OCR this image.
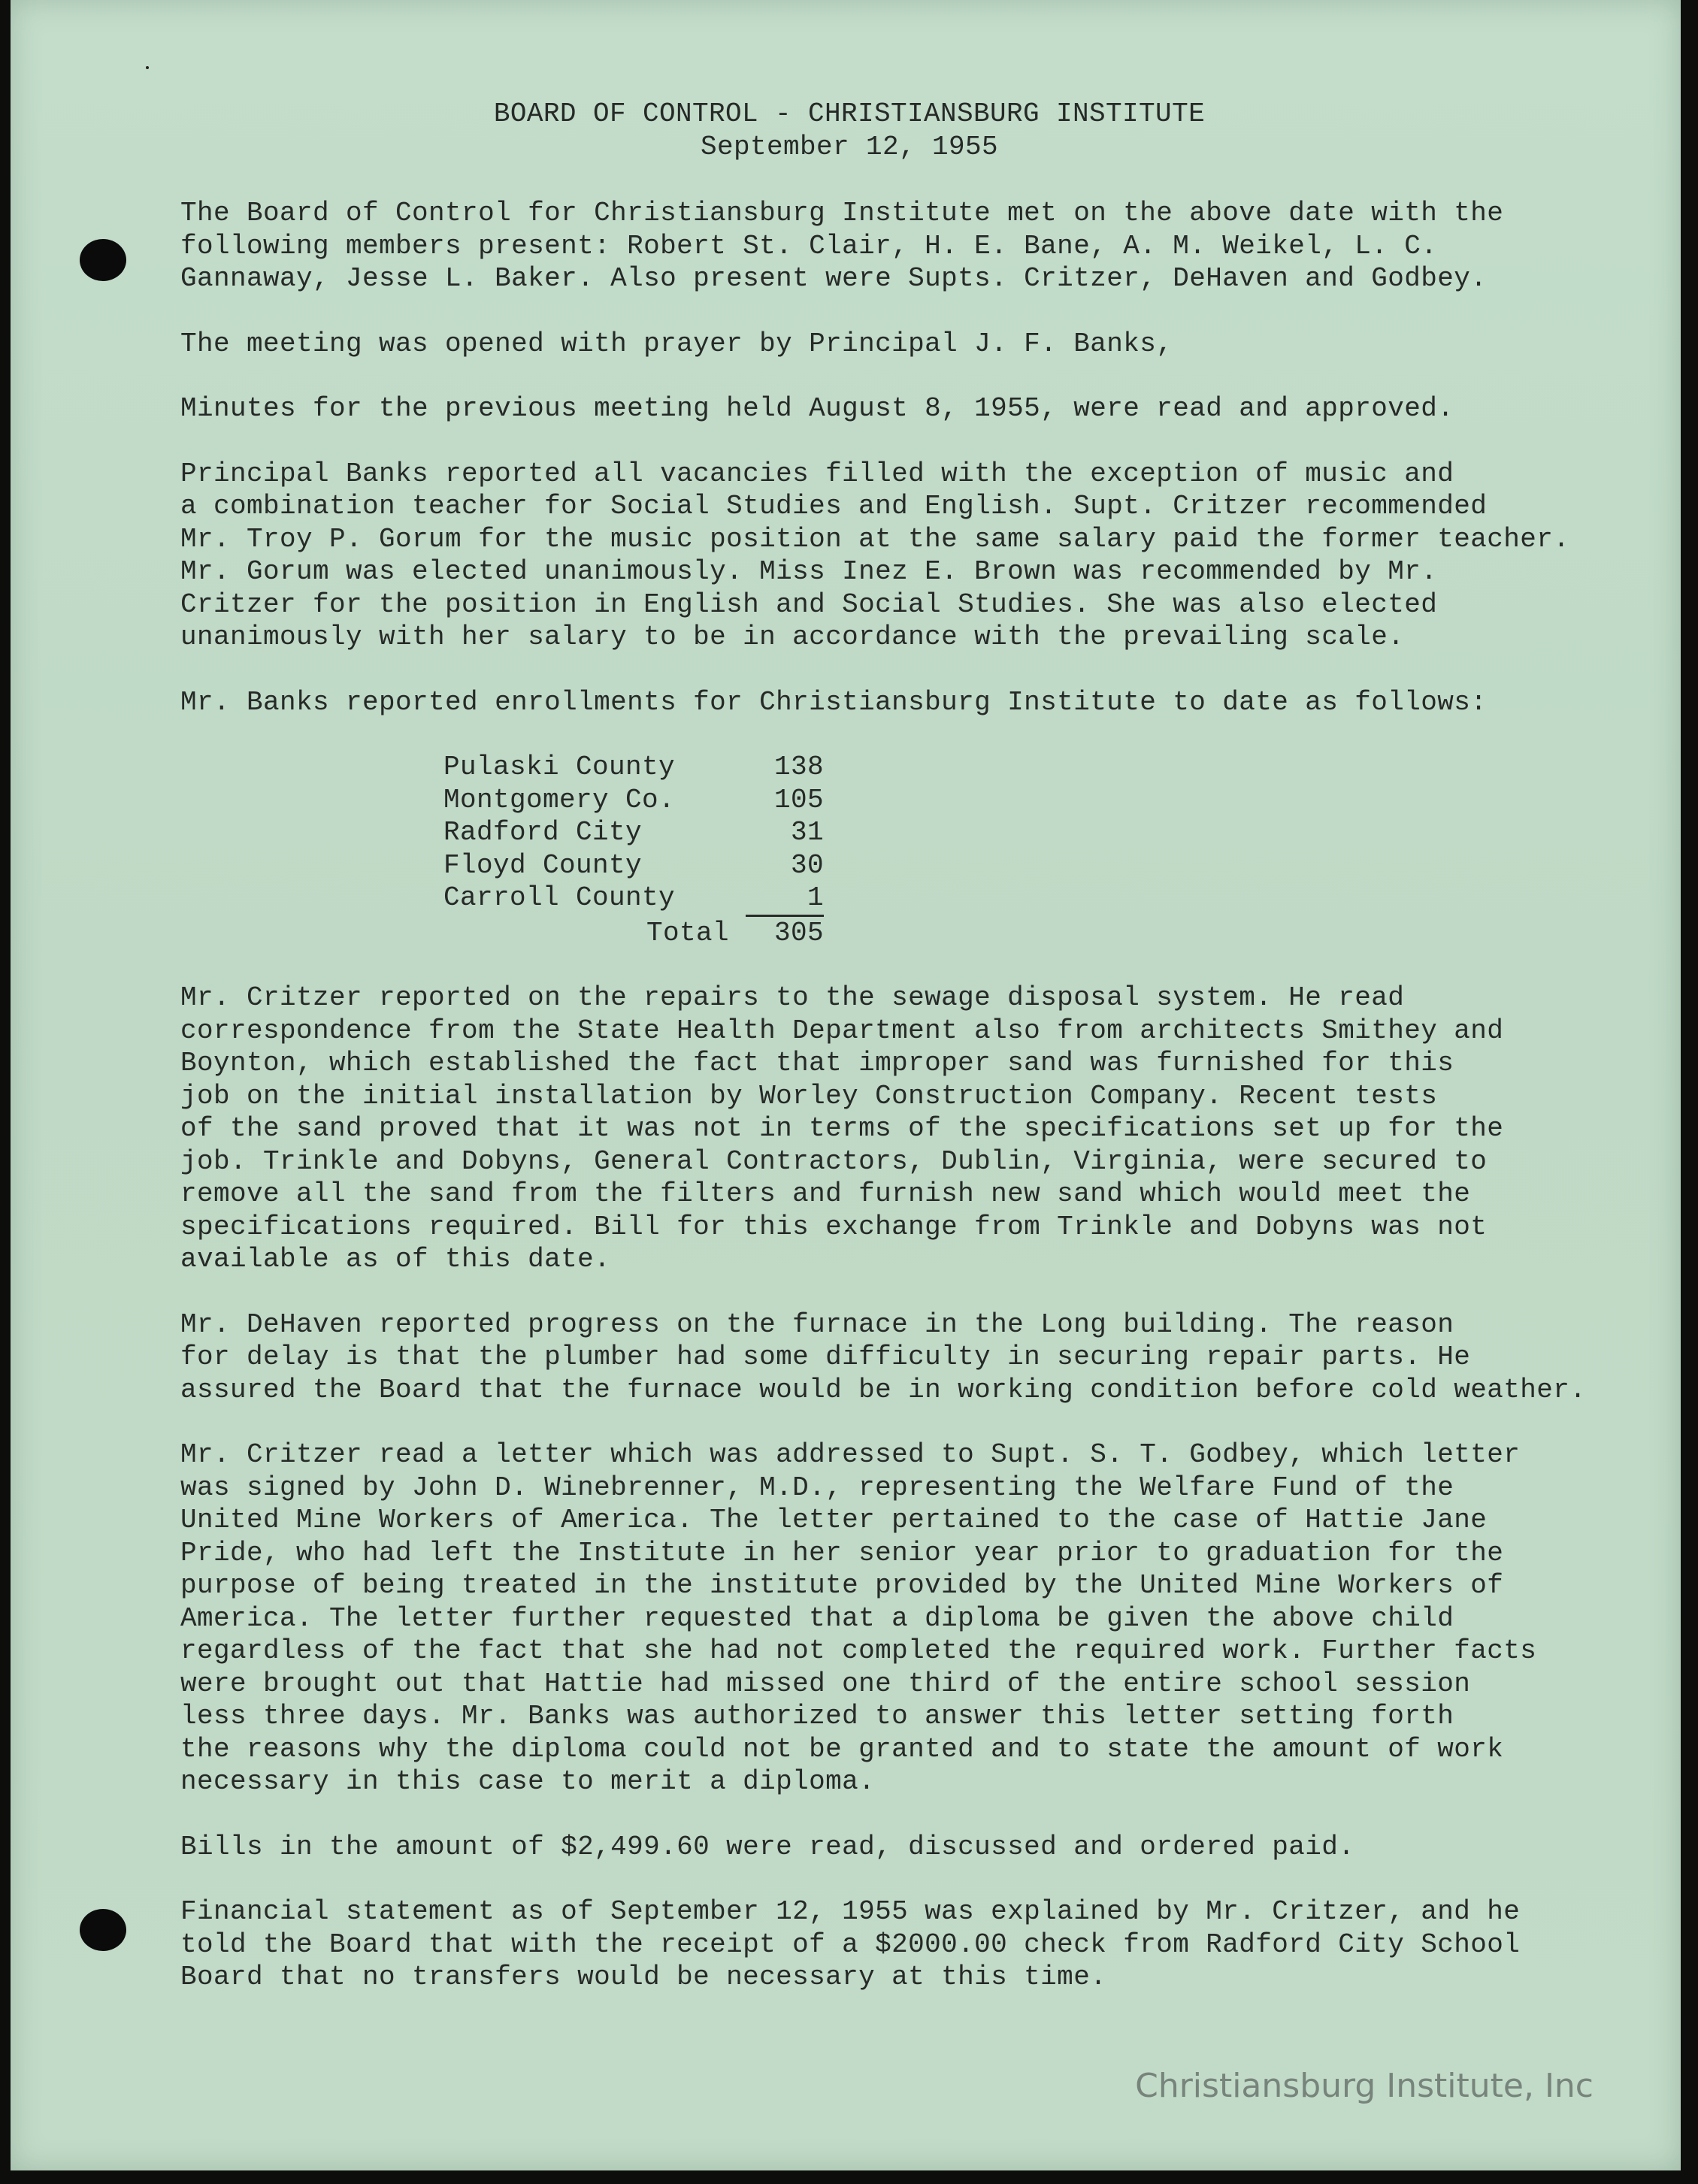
BOARD OF CONTROL - CHRISTIANSBURG INSTITUTE
September 12, 1955

The Board of Control for Christiansburg Institute met on the above date with the
following members present: Robert St. Clair, H. E. Bane, A. M. Weikel, L. C.
Gannaway, Jesse L. Baker. Also present were Supts. Critzer, DeHaven and Godbey.

The meeting was opened with prayer by Principal J. F. Banks,

Minutes for the previous meeting held August 8, 1955, were read and approved.

Principal Banks reported all vacancies filled with the exception of music and
a combination teacher for Social Studies and English. Supt. Critzer recommended
Mr. Troy P. Gorum for the music position at the same salary paid the former teacher.
Mr. Gorum was elected unanimously. Miss Inez E. Brown was recommended by Mr.
Critzer for the position in English and Social Studies. She was also elected
unanimously with her salary to be in accordance with the prevailing scale.

Mr. Banks reported enrollments for Christiansburg Institute to date as follows:

Pulaski County	138
Montgomery Co.	105
Radford City	31
Floyd County	30
Carroll County	1
Total	305

Mr. Critzer reported on the repairs to the sewage disposal system. He read
correspondence from the State Health Department also from architects Smithey and
Boynton, which established the fact that improper sand was furnished for this
job on the initial installation by Worley Construction Company. Recent tests
of the sand proved that it was not in terms of the specifications set up for the
job. Trinkle and Dobyns, General Contractors, Dublin, Virginia, were secured to
remove all the sand from the filters and furnish new sand which would meet the
specifications required. Bill for this exchange from Trinkle and Dobyns was not
available as of this date.

Mr. DeHaven reported progress on the furnace in the Long building. The reason
for delay is that the plumber had some difficulty in securing repair parts. He
assured the Board that the furnace would be in working condition before cold weather.

Mr. Critzer read a letter which was addressed to Supt. S. T. Godbey, which letter
was signed by John D. Winebrenner, M.D., representing the Welfare Fund of the
United Mine Workers of America. The letter pertained to the case of Hattie Jane
Pride, who had left the Institute in her senior year prior to graduation for the
purpose of being treated in the institute provided by the United Mine Workers of
America. The letter further requested that a diploma be given the above child
regardless of the fact that she had not completed the required work. Further facts
were brought out that Hattie had missed one third of the entire school session
less three days. Mr. Banks was authorized to answer this letter setting forth
the reasons why the diploma could not be granted and to state the amount of work
necessary in this case to merit a diploma.

Bills in the amount of $2,499.60 were read, discussed and ordered paid.

Financial statement as of September 12, 1955 was explained by Mr. Critzer, and he
told the Board that with the receipt of a $2000.00 check from Radford City School
Board that no transfers would be necessary at this time.

Christiansburg Institute, Inc
